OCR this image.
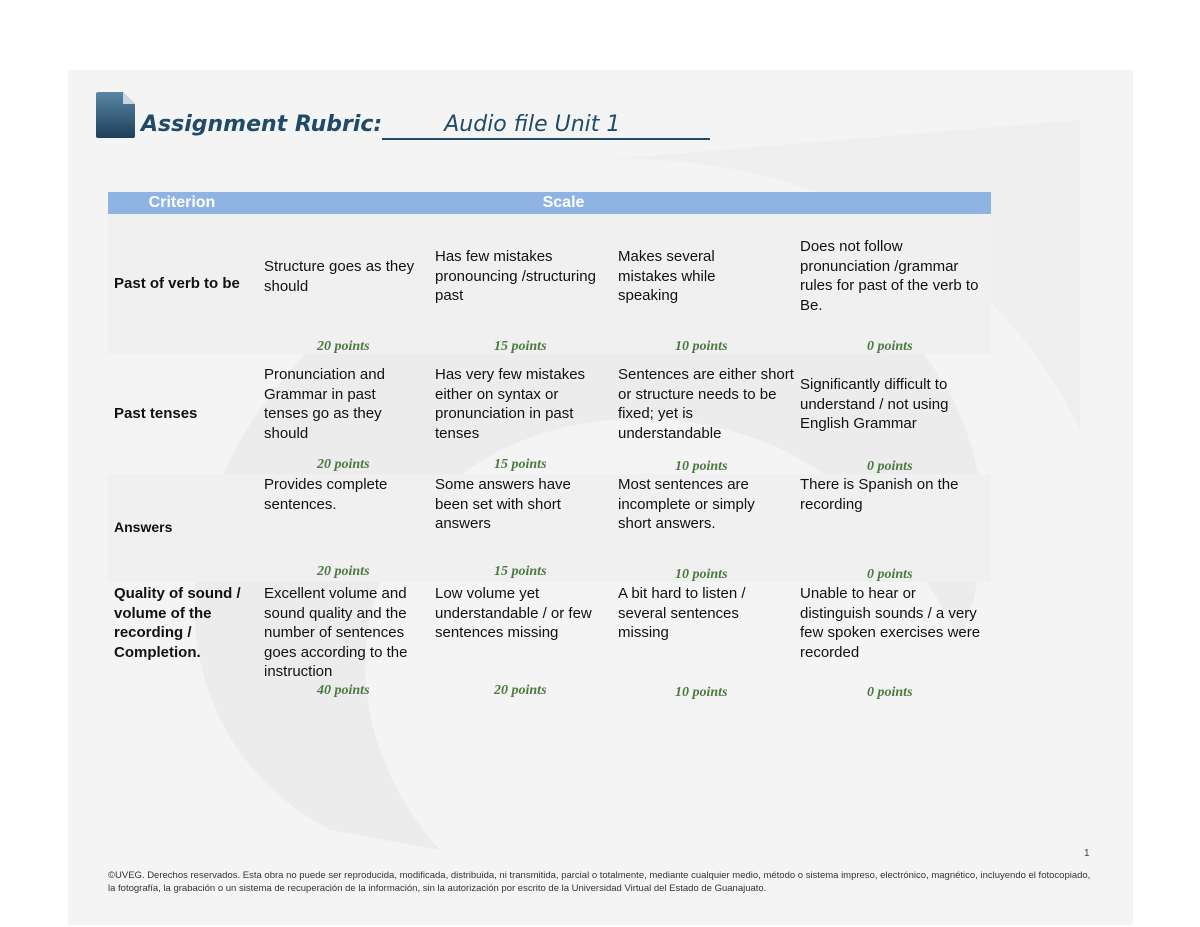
Assignment Rubric:	Audio file Unit 1
Criterion	Scale
Past of verb to be
Structure goes as they should
20 points
Has few mistakes pronouncing /structuring past
15 points
Makes several mistakes while speaking
10 points
Does not follow pronunciation /grammar rules for past of the verb to Be.
0 points
Past tenses
Pronunciation and Grammar in past tenses go as they should
20 points
Has very few mistakes either on syntax or pronunciation in past tenses
15 points
Sentences are either short or structure needs to be fixed; yet is understandable
10 points
Significantly difficult to understand / not using English Grammar
0 points
Answers
Provides complete sentences.
20 points
Some answers have been set with short answers
15 points
Most sentences are incomplete or simply short answers.
10 points
There is Spanish on the recording
0 points
Quality of sound / volume of the recording / Completion.
Excellent volume and sound quality and the number of sentences goes according to the instruction
40 points
Low volume yet understandable / or few sentences missing
20 points
A bit hard to listen / several sentences missing
10 points
Unable to hear or distinguish sounds / a very few spoken exercises were recorded
0 points
1
©UVEG. Derechos reservados. Esta obra no puede ser reproducida, modificada, distribuida, ni transmitida, parcial o totalmente, mediante cualquier medio, método o sistema impreso, electrónico, magnético, incluyendo el fotocopiado, la fotografía, la grabación o un sistema de recuperación de la información, sin la autorización por escrito de la Universidad Virtual del Estado de Guanajuato.
